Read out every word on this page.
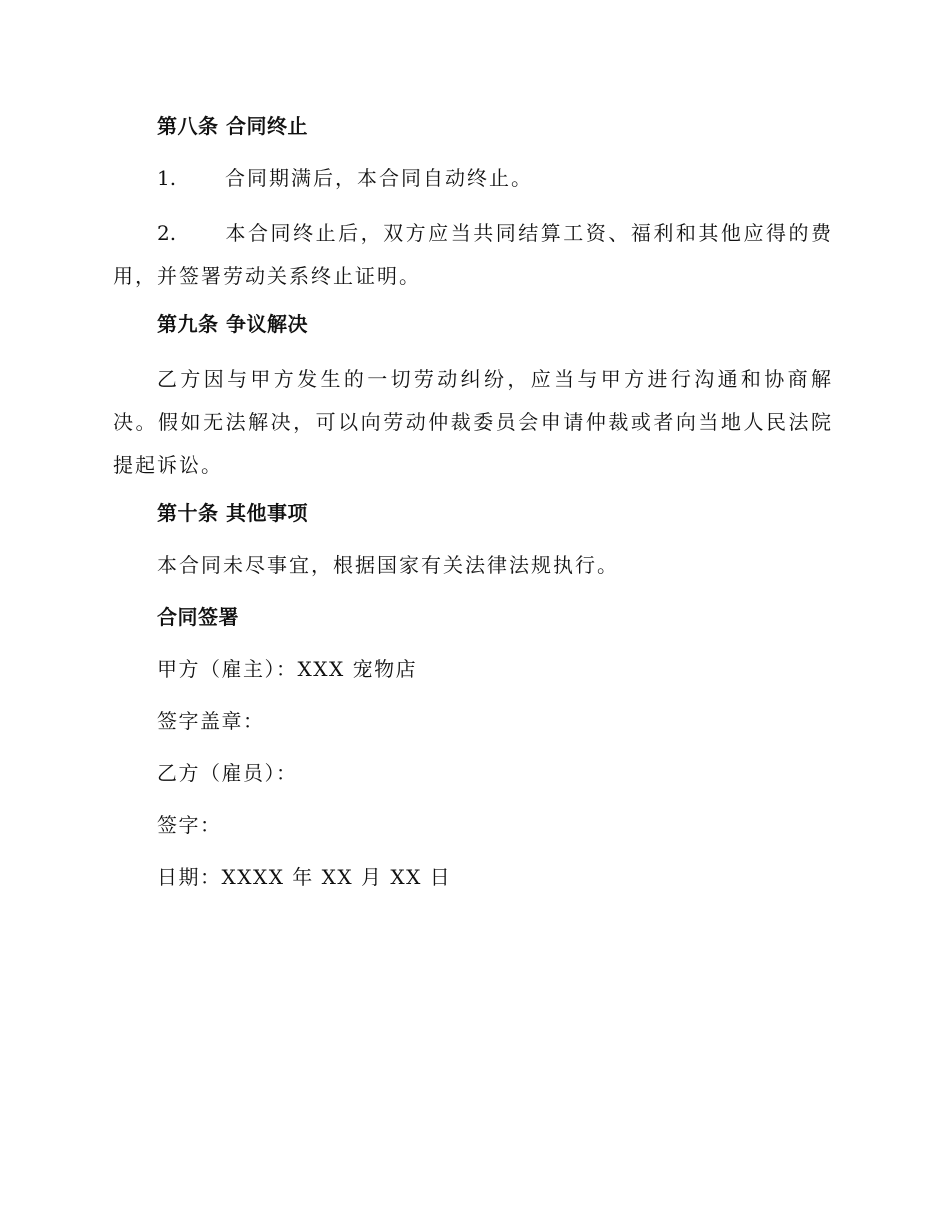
第八条 合同终止
1. 合同期满后，本合同自动终止。
2. 本合同终止后，双方应当共同结算工资、福利和其他应得的费用，并签署劳动关系终止证明。
第九条 争议解决
乙方因与甲方发生的一切劳动纠纷，应当与甲方进行沟通和协商解决。假如无法解决，可以向劳动仲裁委员会申请仲裁或者向当地人民法院提起诉讼。
第十条 其他事项
本合同未尽事宜，根据国家有关法律法规执行。
合同签署
甲方（雇主）：XXX 宠物店
签字盖章：
乙方（雇员）：
签字：
日期：XXXX 年 XX 月 XX 日
